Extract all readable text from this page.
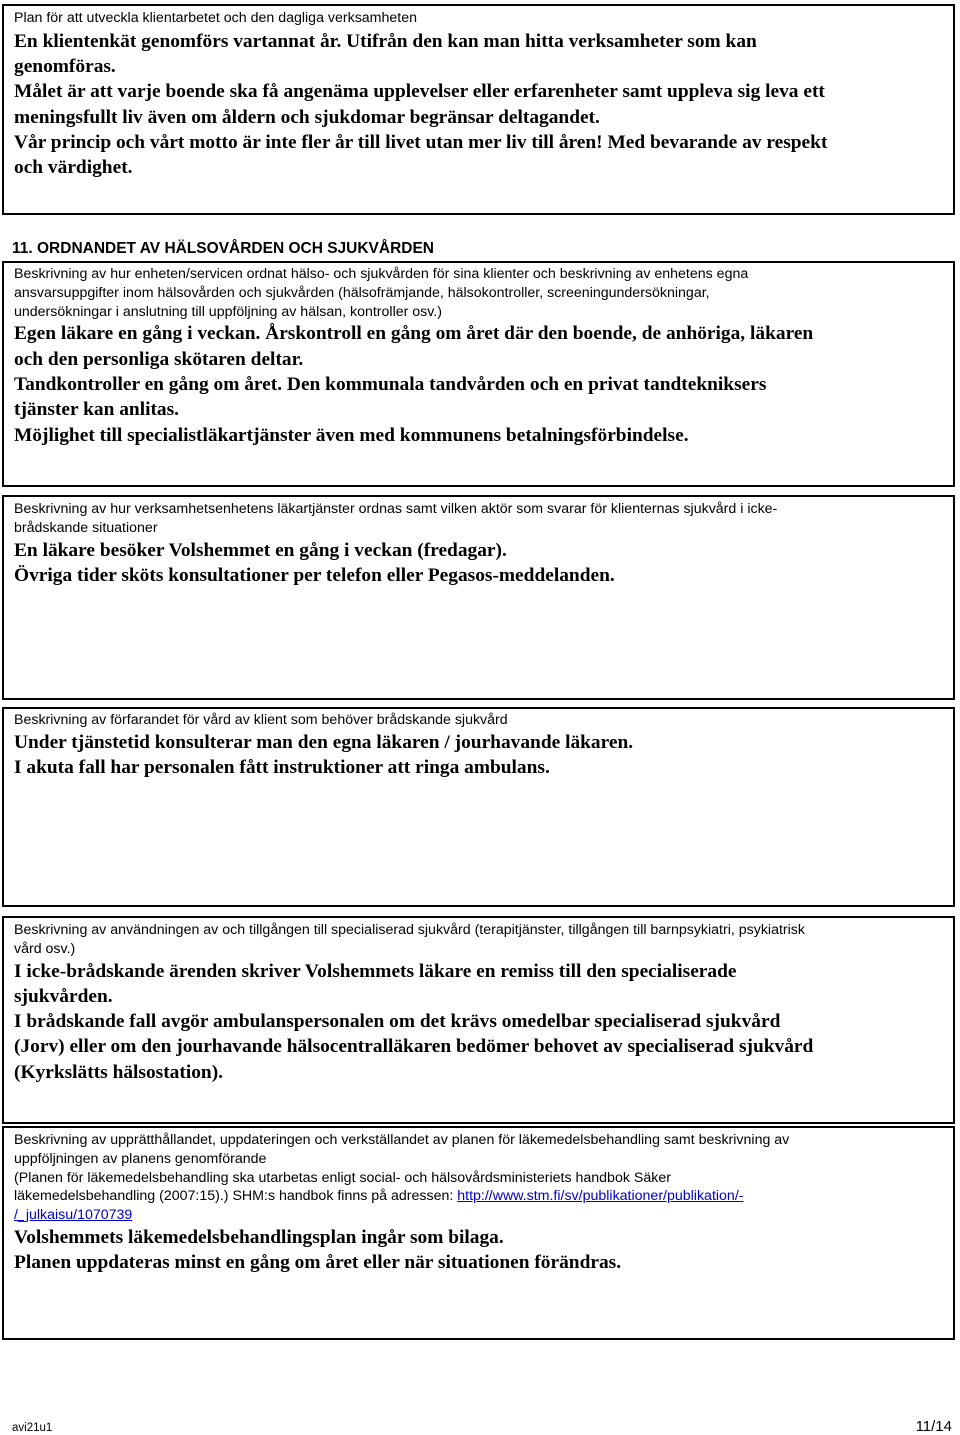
Plan för att utveckla klientarbetet och den dagliga verksamheten
En klientenkät genomförs vartannat år. Utifrån den kan man hitta verksamheter som kan
genomföras.
Målet är att varje boende ska få angenäma upplevelser eller erfarenheter samt uppleva sig leva ett
meningsfullt liv även om åldern och sjukdomar begränsar deltagandet.
Vår princip och vårt motto är inte fler år till livet utan mer liv till åren! Med bevarande av respekt
och värdighet.
11. ORDNANDET AV HÄLSOVÅRDEN OCH SJUKVÅRDEN
Beskrivning av hur enheten/servicen ordnat hälso- och sjukvården för sina klienter och beskrivning av enhetens egna
ansvarsuppgifter inom hälsovården och sjukvården (hälsofrämjande, hälsokontroller, screeningundersökningar,
undersökningar i anslutning till uppföljning av hälsan, kontroller osv.)
Egen läkare en gång i veckan. Årskontroll en gång om året där den boende, de anhöriga, läkaren
och den personliga skötaren deltar.
Tandkontroller en gång om året. Den kommunala tandvården och en privat tandtekniksers
tjänster kan anlitas.
Möjlighet till specialistläkartjänster även med kommunens betalningsförbindelse.
Beskrivning av hur verksamhetsenhetens läkartjänster ordnas samt vilken aktör som svarar för klienternas sjukvård i icke-
brådskande situationer
En läkare besöker Volshemmet en gång i veckan (fredagar).
Övriga tider sköts konsultationer per telefon eller Pegasos-meddelanden.
Beskrivning av förfarandet för vård av klient som behöver brådskande sjukvård
Under tjänstetid konsulterar man den egna läkaren / jourhavande läkaren.
I akuta fall har personalen fått instruktioner att ringa ambulans.
Beskrivning av användningen av och tillgången till specialiserad sjukvård (terapitjänster, tillgången till barnpsykiatri, psykiatrisk
vård osv.)
I icke-brådskande ärenden skriver Volshemmets läkare en remiss till den specialiserade
sjukvården.
I brådskande fall avgör ambulanspersonalen om det krävs omedelbar specialiserad sjukvård
(Jorv) eller om den jourhavande hälsocentralläkaren bedömer behovet av specialiserad sjukvård
(Kyrkslätts hälsostation).
Beskrivning av upprätthållandet, uppdateringen och verkställandet av planen för läkemedelsbehandling samt beskrivning av
uppföljningen av planens genomförande
(Planen för läkemedelsbehandling ska utarbetas enligt social- och hälsovårdsministeriets handbok Säker
läkemedelsbehandling (2007:15).) SHM:s handbok finns på adressen: http://www.stm.fi/sv/publikationer/publikation/-
/_julkaisu/1070739
Volshemmets läkemedelsbehandlingsplan ingår som bilaga.
Planen uppdateras minst en gång om året eller när situationen förändras.
avi21u1	11/14
